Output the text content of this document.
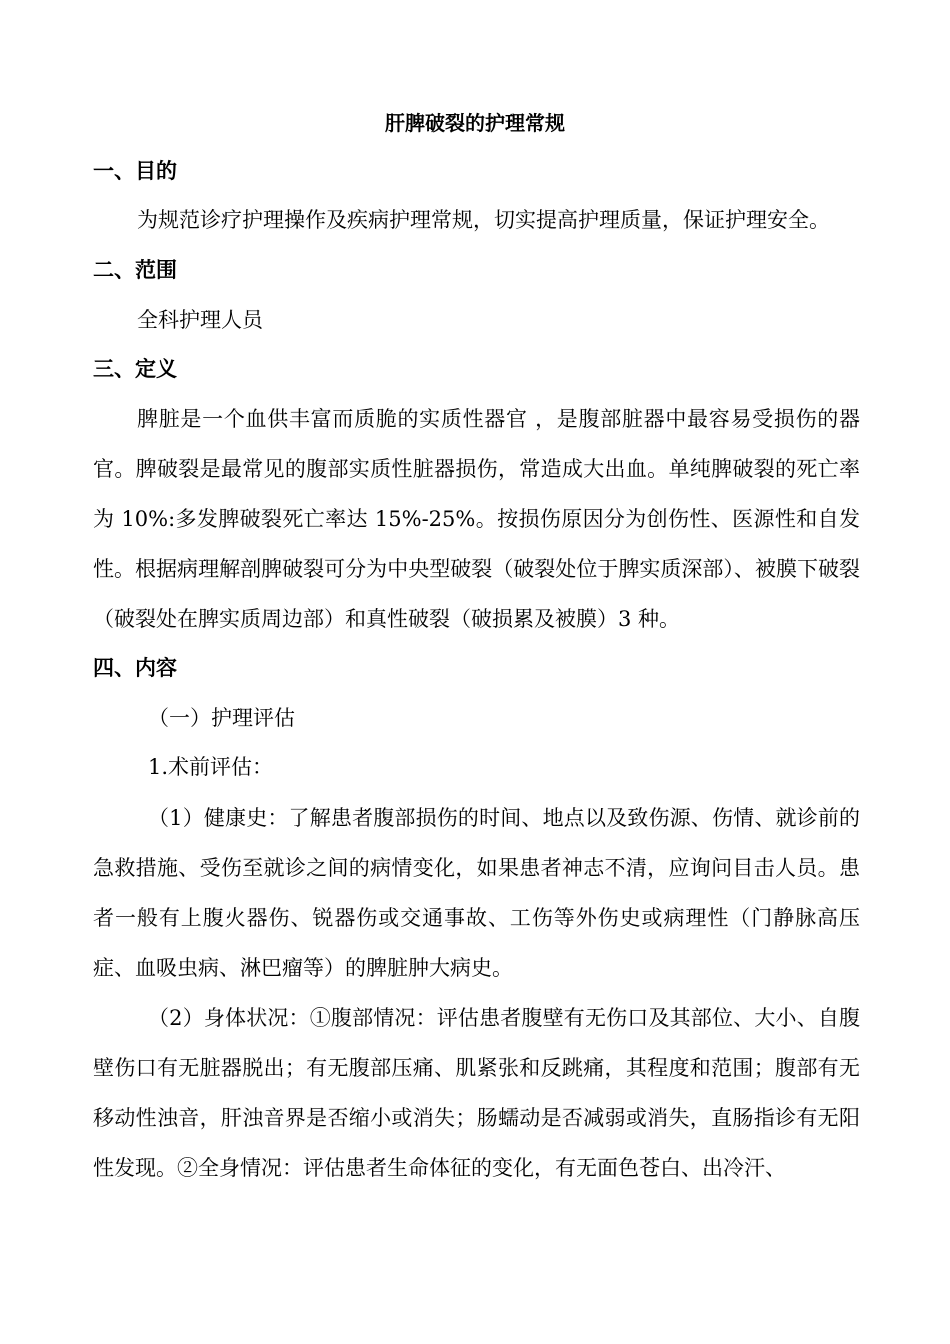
肝脾破裂的护理常规
一、目的
为规范诊疗护理操作及疾病护理常规，切实提高护理质量，保证护理安全。
二、范围
全科护理人员
三、定义

脾脏是一个血供丰富而质脆的实质性器官 ，是腹部脏器中最容易受损伤的器官。脾破裂是最常见的腹部实质性脏器损伤，常造成大出血。单纯脾破裂的死亡率为 10%:多发脾破裂死亡率达 15%-25%。按损伤原因分为创伤性、医源性和自发性。根据病理解剖脾破裂可分为中央型破裂（破裂处位于脾实质深部）、被膜下破裂（破裂处在脾实质周边部）和真性破裂（破损累及被膜）3 种。

四、内容
（一）护理评估
1.术前评估：

（1）健康史：了解患者腹部损伤的时间、地点以及致伤源、伤情、就诊前的急救措施、受伤至就诊之间的病情变化，如果患者神志不清，应询问目击人员。患者一般有上腹火器伤、锐器伤或交通事故、工伤等外伤史或病理性（门静脉高压症、血吸虫病、淋巴瘤等）的脾脏肿大病史。

（2）身体状况：①腹部情况：评估患者腹壁有无伤口及其部位、大小、自腹壁伤口有无脏器脱出；有无腹部压痛、肌紧张和反跳痛，其程度和范围；腹部有无移动性浊音，肝浊音界是否缩小或消失；肠蠕动是否减弱或消失，直肠指诊有无阳性发现。②全身情况：评估患者生命体征的变化，有无面色苍白、出冷汗、
